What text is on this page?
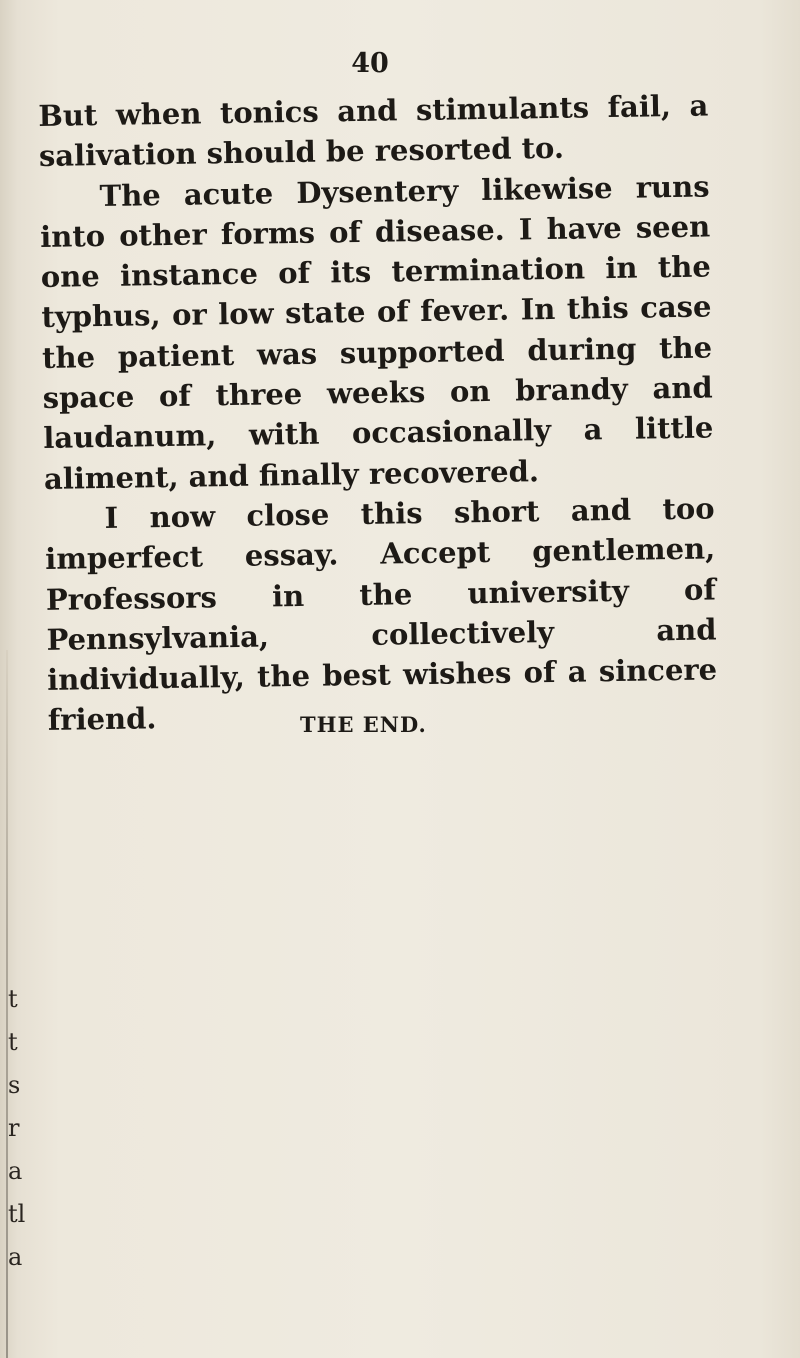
40

But when tonics and stimulants fail, a salivation should be resorted to.

The acute Dysentery likewise runs into other forms of disease. I have seen one instance of its termination in the typhus, or low state of fever. In this case the patient was supported during the space of three weeks on brandy and laudanum, with occasionally a little aliment, and finally recovered.

I now close this short and too imperfect essay. Accept gentlemen, Professors in the university of Pennsylvania, collectively and individually, the best wishes of a sincere friend.	THE END.
t
t
s
r
a
tl
a
